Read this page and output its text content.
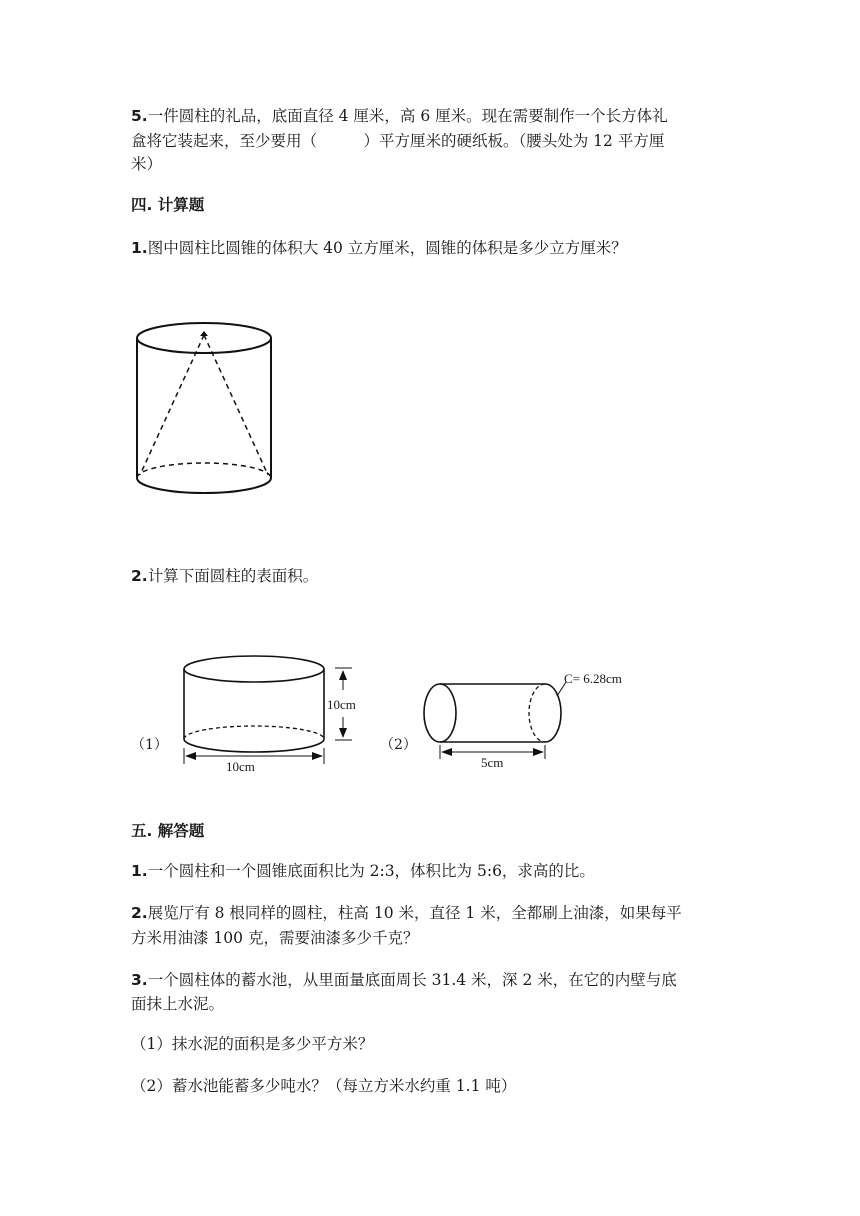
5.一件圆柱的礼品，底面直径 4 厘米，高 6 厘米。现在需要制作一个长方体礼
盒将它装起来，至少要用（　　　）平方厘米的硬纸板。（腰头处为 12 平方厘
米）
四. 计算题
1.图中圆柱比圆锥的体积大 40 立方厘米，圆锥的体积是多少立方厘米？
2.计算下面圆柱的表面积。
（1）
10cm
10cm
（2）
C= 6.28cm
5cm
五. 解答题
1.一个圆柱和一个圆锥底面积比为 2:3，体积比为 5:6，求高的比。
2.展览厅有 8 根同样的圆柱，柱高 10 米，直径 1 米，全都刷上油漆，如果每平
方米用油漆 100 克，需要油漆多少千克？
3.一个圆柱体的蓄水池，从里面量底面周长 31.4 米，深 2 米，在它的内壁与底
面抹上水泥。
（1）抹水泥的面积是多少平方米？
（2）蓄水池能蓄多少吨水？（每立方米水约重 1.1 吨）
